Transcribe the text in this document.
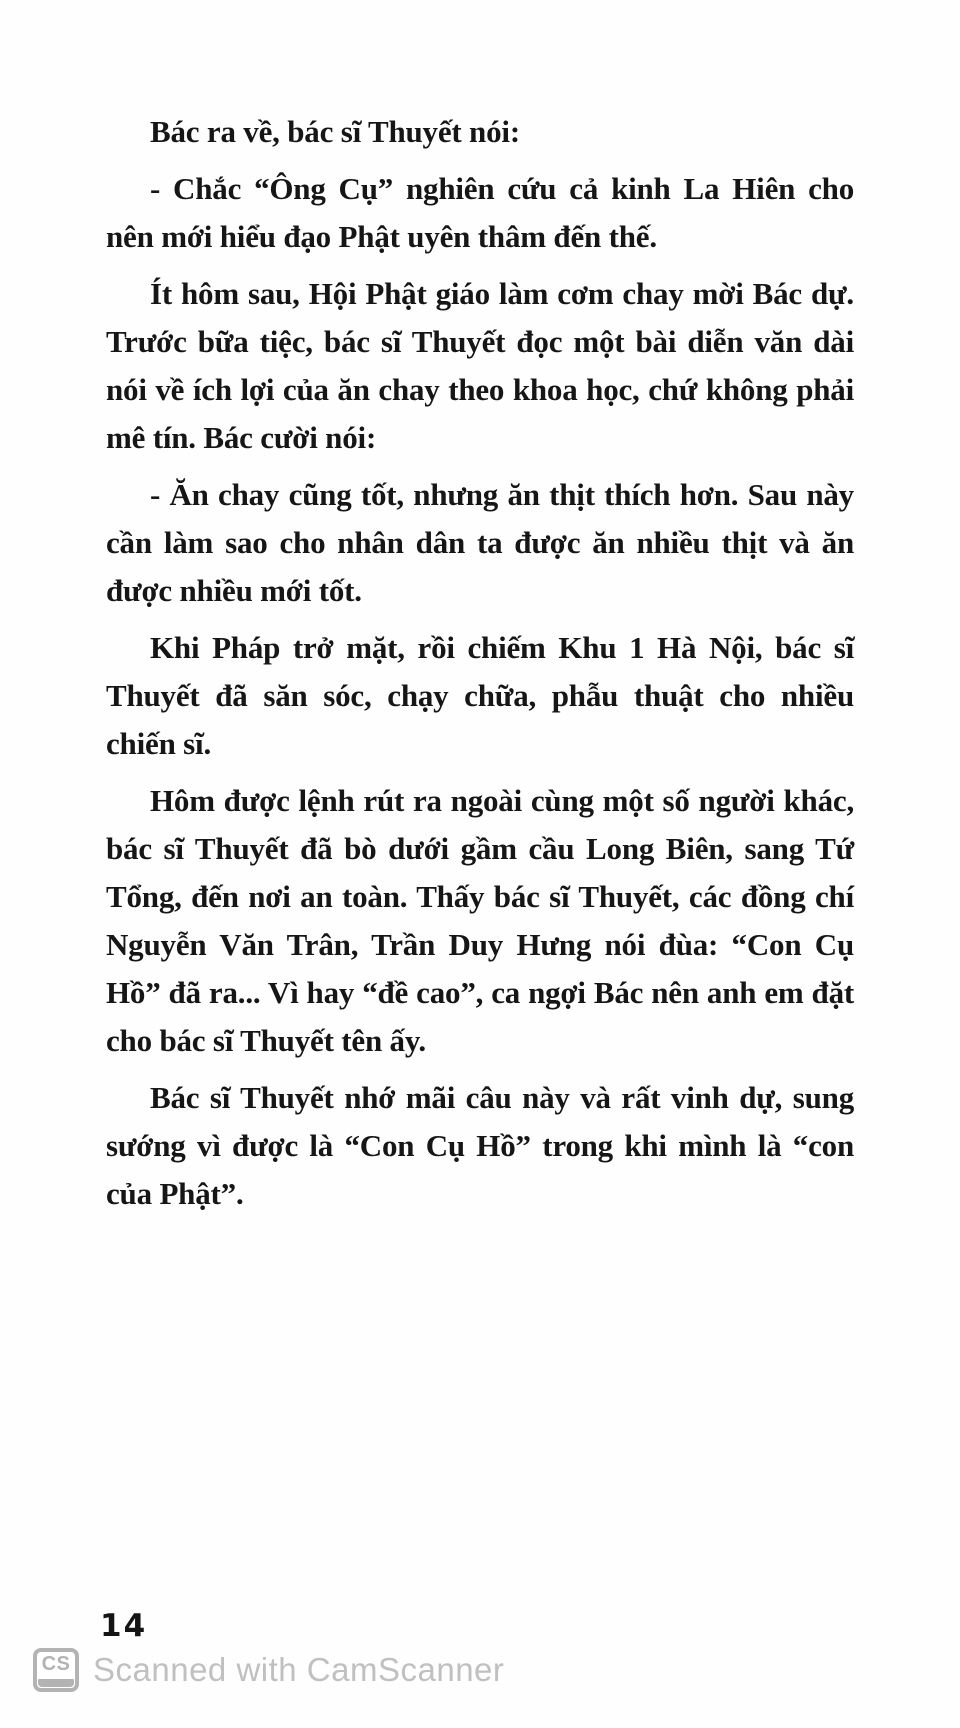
Bác ra về, bác sĩ Thuyết nói:

- Chắc “Ông Cụ” nghiên cứu cả kinh La Hiên cho nên mới hiểu đạo Phật uyên thâm đến thế.

Ít hôm sau, Hội Phật giáo làm cơm chay mời Bác dự. Trước bữa tiệc, bác sĩ Thuyết đọc một bài diễn văn dài nói về ích lợi của ăn chay theo khoa học, chứ không phải mê tín. Bác cười nói:

- Ăn chay cũng tốt, nhưng ăn thịt thích hơn. Sau này cần làm sao cho nhân dân ta được ăn nhiều thịt và ăn được nhiều mới tốt.

Khi Pháp trở mặt, rồi chiếm Khu 1 Hà Nội, bác sĩ Thuyết đã săn sóc, chạy chữa, phẫu thuật cho nhiều chiến sĩ.

Hôm được lệnh rút ra ngoài cùng một số người khác, bác sĩ Thuyết đã bò dưới gầm cầu Long Biên, sang Tứ Tổng, đến nơi an toàn. Thấy bác sĩ Thuyết, các đồng chí Nguyễn Văn Trân, Trần Duy Hưng nói đùa: “Con Cụ Hồ” đã ra... Vì hay “đề cao”, ca ngợi Bác nên anh em đặt cho bác sĩ Thuyết tên ấy.

Bác sĩ Thuyết nhớ mãi câu này và rất vinh dự, sung sướng vì được là “Con Cụ Hồ” trong khi mình là “con của Phật”.

14
CS Scanned with CamScanner
